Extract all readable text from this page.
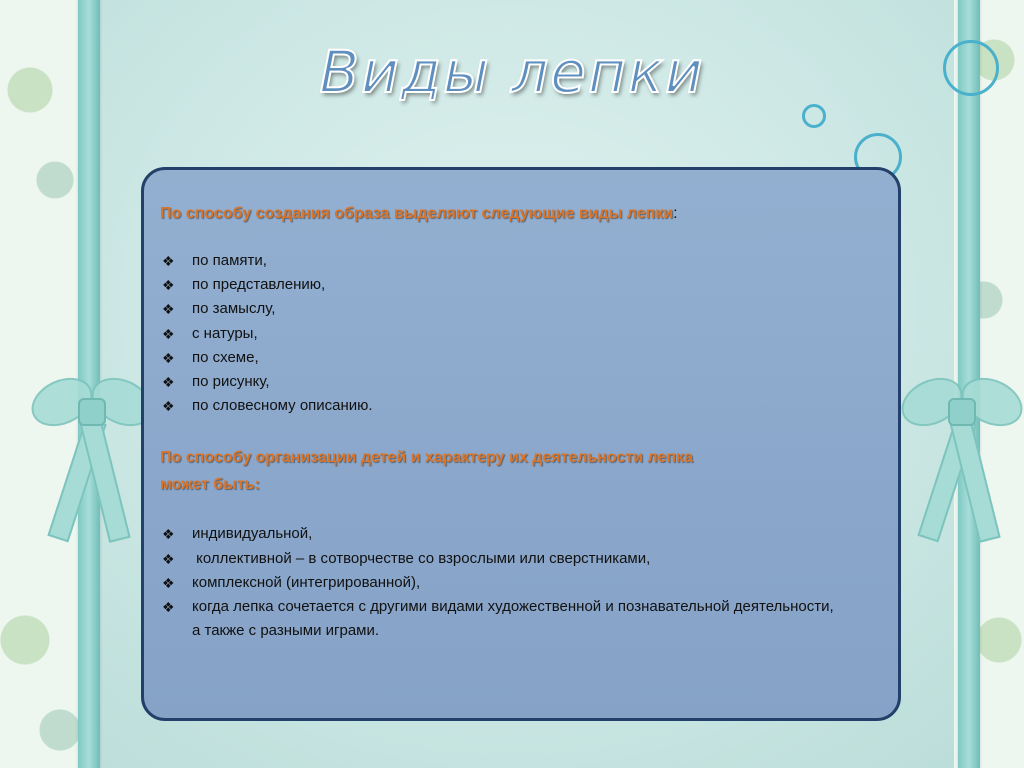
Виды лепки
По способу создания образа выделяют следующие виды лепки:
❖ по памяти,
❖ по представлению,
❖ по замыслу,
❖ с натуры,
❖ по схеме,
❖ по рисунку,
❖ по словесному описанию.
По способу организации детей и характеру их деятельности лепка
может быть:
❖ индивидуальной,
❖ коллективной – в сотворчестве со взрослыми или сверстниками,
❖ комплексной (интегрированной),
❖ когда лепка сочетается с другими видами художественной и познавательной деятельности, а также с разными играми.
